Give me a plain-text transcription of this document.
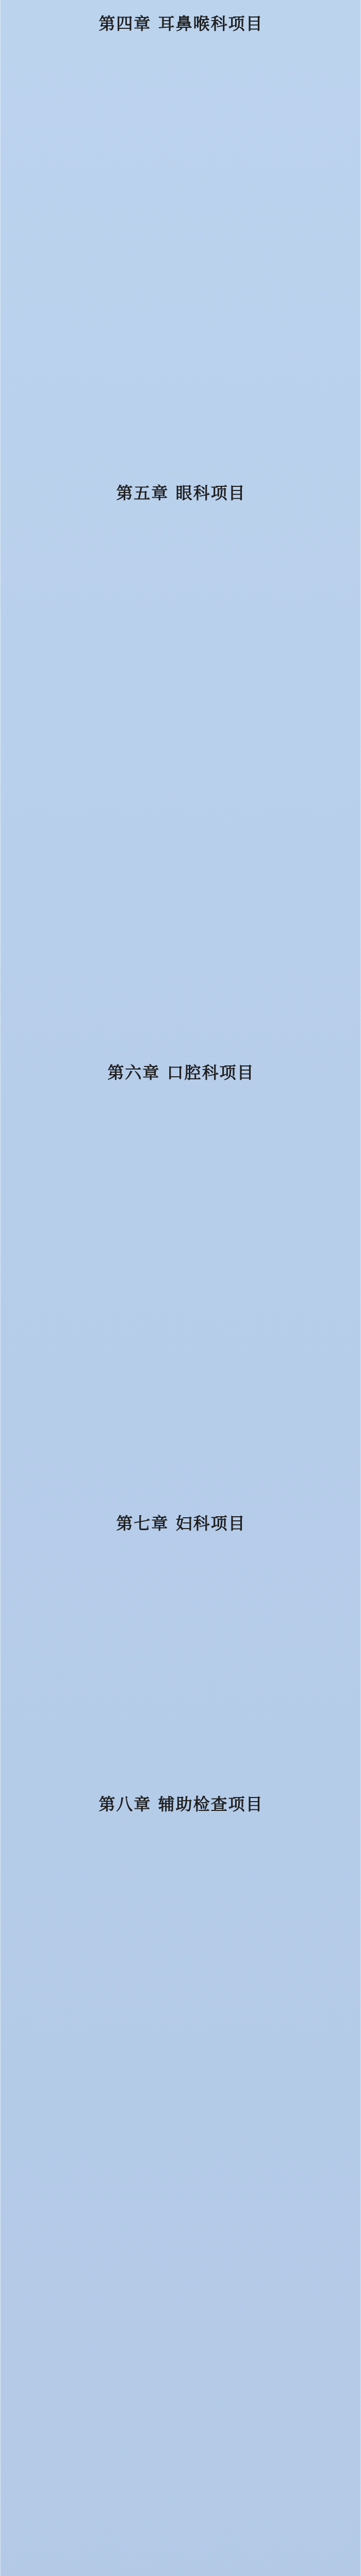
第四章 耳鼻喉科项目

第五章 眼科项目

第六章 口腔科项目

第七章 妇科项目

第八章 辅助检查项目
